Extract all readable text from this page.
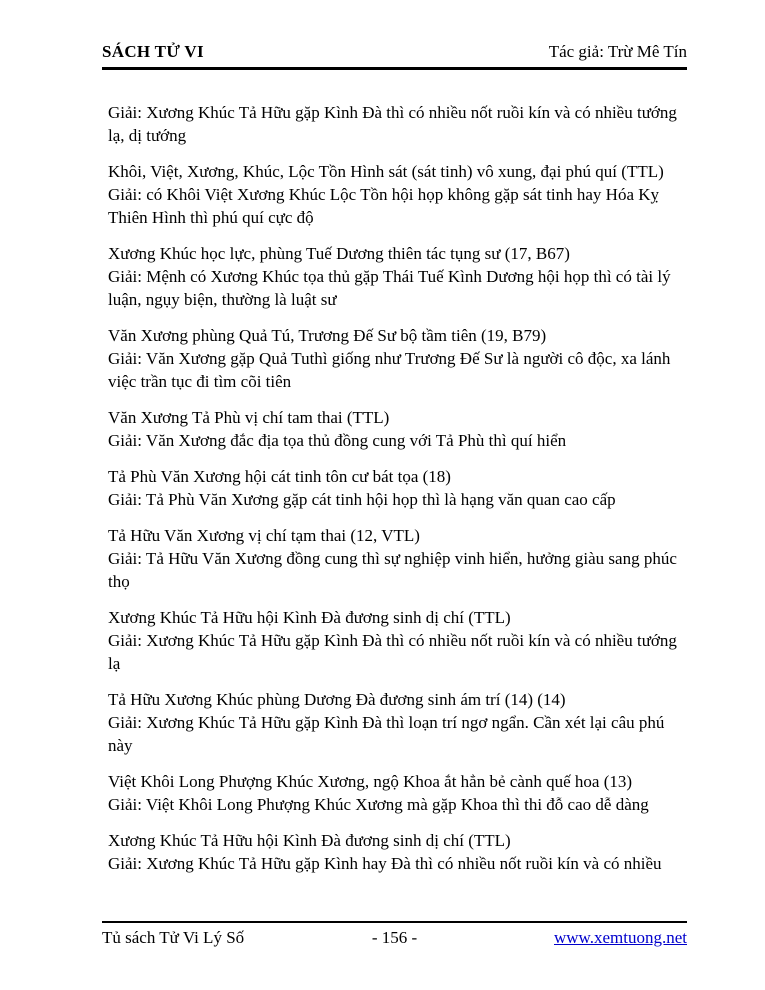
SÁCH TỬ VI	Tác giả: Trừ Mê Tín
Giải: Xương Khúc Tả Hữu gặp Kình Đà thì có nhiều nốt ruồi kín và có nhiều tướng lạ, dị tướng
Khôi, Việt, Xương, Khúc, Lộc Tồn Hình sát (sát tinh) vô xung, đại phú quí (TTL)
Giải: có Khôi Việt Xương Khúc Lộc Tồn hội họp không gặp sát tinh hay Hóa Kỵ Thiên Hình thì phú quí cực độ
Xương Khúc học lực, phùng Tuế Dương thiên tác tụng sư (17, B67)
Giải: Mệnh có Xương Khúc tọa thủ gặp Thái Tuế Kình Dương hội họp thì có tài lý luận, ngụy biện, thường là luật sư
Văn Xương phùng Quả Tú, Trương Đế Sư bộ tầm tiên (19, B79)
Giải: Văn Xương gặp Quả Tuthì giống như Trương Đế Sư là người cô độc, xa lánh việc trần tục đi tìm cõi tiên
Văn Xương Tả Phù vị chí tam thai (TTL)
Giải: Văn Xương đắc địa tọa thủ đồng cung với Tả Phù thì quí hiển
Tả Phù Văn Xương hội cát tinh tôn cư bát tọa (18)
Giải: Tả Phù Văn Xương gặp cát tinh hội họp thì là hạng văn quan cao cấp
Tả Hữu Văn Xương vị chí tạm thai (12, VTL)
Giải: Tả Hữu Văn Xương đồng cung thì sự nghiệp vinh hiển, hưởng giàu sang phúc thọ
Xương Khúc Tả Hữu hội Kình Đà đương sinh dị chí (TTL)
Giải: Xương Khúc Tả Hữu gặp Kình Đà thì có nhiều nốt ruồi kín và có nhiều tướng lạ
Tả Hữu Xương Khúc phùng Dương Đà đương sinh ám trí (14) (14)
Giải: Xương Khúc Tả Hữu gặp Kình Đà thì loạn trí ngơ ngẩn. Cần xét lại câu phú này
Việt Khôi Long Phượng Khúc Xương, ngộ Khoa ắt hẳn bẻ cành quế hoa (13)
Giải: Việt Khôi Long Phượng Khúc Xương mà gặp Khoa thì thi đỗ cao dễ dàng
Xương Khúc Tả Hữu hội Kình Đà đương sinh dị chí (TTL)
Giải: Xương Khúc Tả Hữu gặp Kình hay Đà thì có nhiều nốt ruồi kín và có nhiều
Tủ sách Tử Vi Lý Số	- 156 -	www.xemtuong.net
